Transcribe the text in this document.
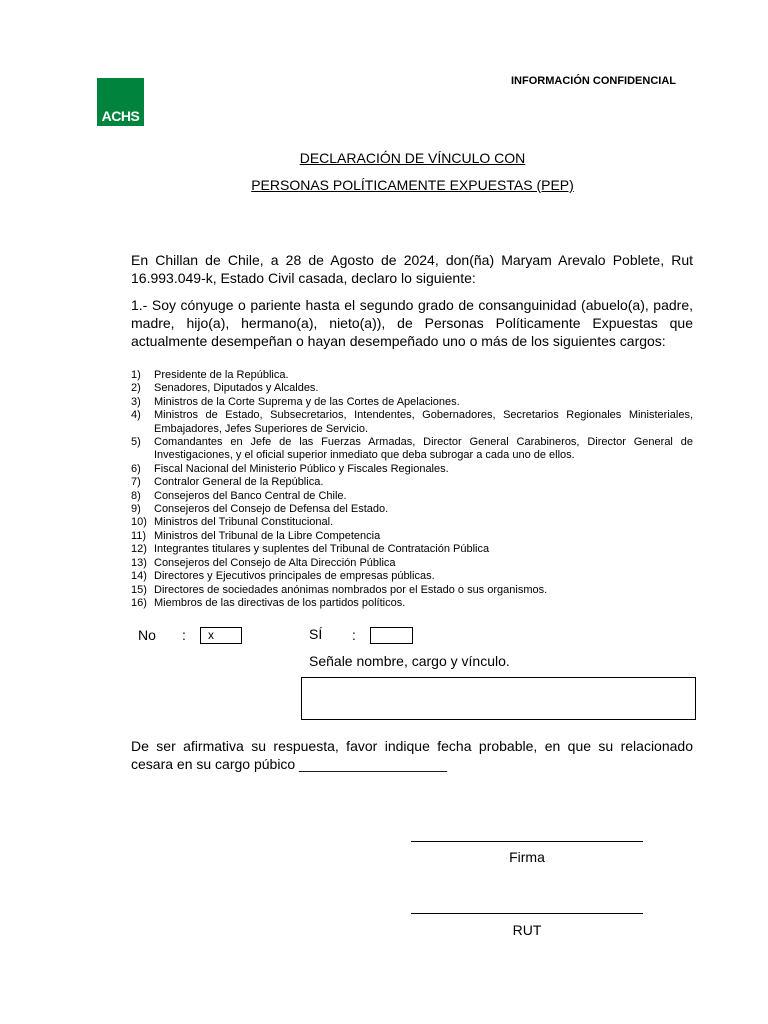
ACHS
INFORMACIÓN CONFIDENCIAL
DECLARACIÓN DE VÍNCULO CON
PERSONAS POLÍTICAMENTE EXPUESTAS (PEP)
En Chillan de Chile, a 28 de Agosto de 2024, don(ña) Maryam Arevalo Poblete, Rut 16.993.049-k, Estado Civil casada, declaro lo siguiente:
1.- Soy cónyuge o pariente hasta el segundo grado de consanguinidad (abuelo(a), padre, madre, hijo(a), hermano(a), nieto(a)), de Personas Políticamente Expuestas que actualmente desempeñan o hayan desempeñado uno o más de los siguientes cargos:
1)	Presidente de la República.
2)	Senadores, Diputados y Alcaldes.
3)	Ministros de la Corte Suprema y de las Cortes de Apelaciones.
4)	Ministros de Estado, Subsecretarios, Intendentes, Gobernadores, Secretarios Regionales Ministeriales, Embajadores, Jefes Superiores de Servicio.
5)	Comandantes en Jefe de las Fuerzas Armadas, Director General Carabineros, Director General de Investigaciones, y el oficial superior inmediato que deba subrogar a cada uno de ellos.
6)	Fiscal Nacional del Ministerio Público y Fiscales Regionales.
7)	Contralor General de la República.
8)	Consejeros del Banco Central de Chile.
9)	Consejeros del Consejo de Defensa del Estado.
10) Ministros del Tribunal Constitucional.
11) Ministros del Tribunal de la Libre Competencia
12) Integrantes titulares y suplentes del Tribunal de Contratación Pública
13) Consejeros del Consejo de Alta Dirección Pública
14) Directores y Ejecutivos principales de empresas públicas.
15) Directores de sociedades anónimas nombrados por el Estado o sus organismos.
16) Miembros de las directivas de los partidos políticos.
No :	x	SÍ :
Señale nombre, cargo y vínculo.
De ser afirmativa su respuesta, favor indique fecha probable, en que su relacionado cesara en su cargo púbico ___________________
Firma
RUT
